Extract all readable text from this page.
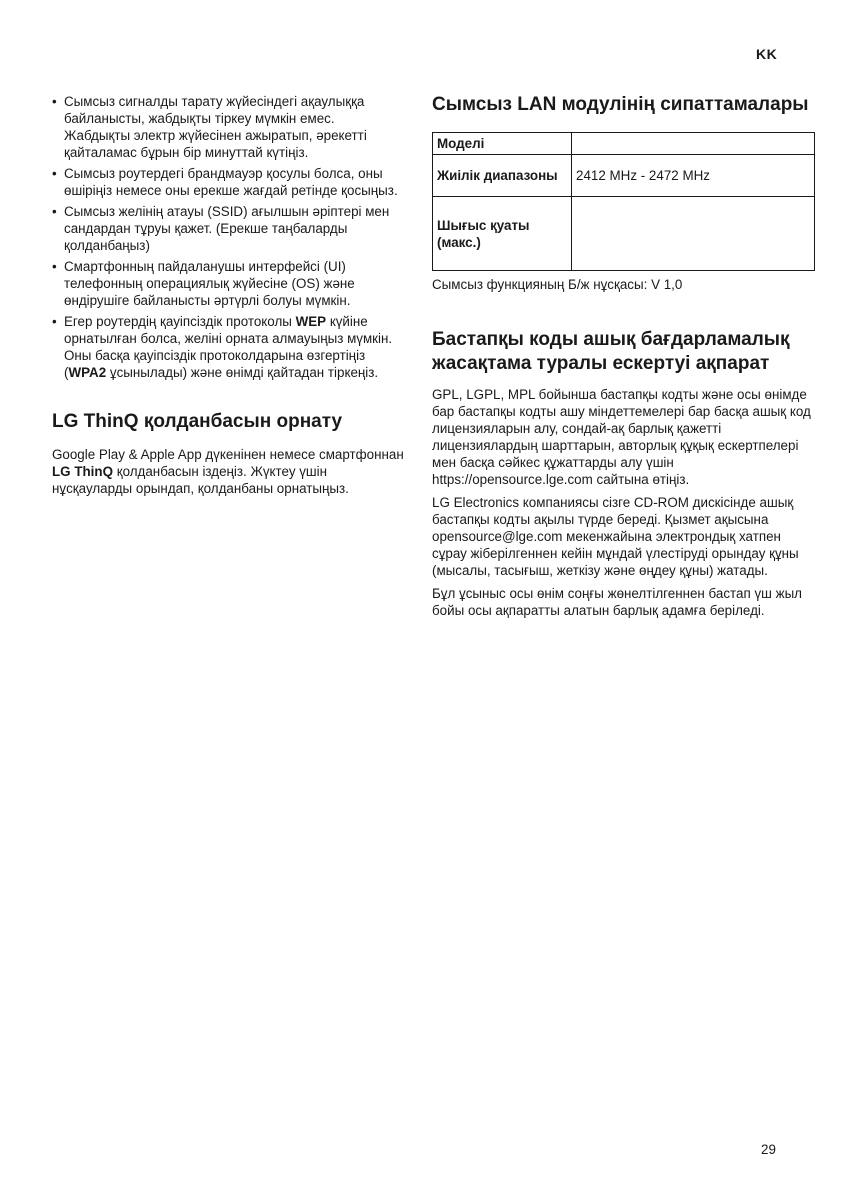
KK
• Сымсыз сигналды тарату жүйесіндегі ақаулыққа байланысты, жабдықты тіркеу мүмкін емес. Жабдықты электр жүйесінен ажыратып, әрекетті қайталамас бұрын бір минуттай күтіңіз.
• Сымсыз роутердегі брандмауэр қосулы болса, оны өшіріңіз немесе оны ерекше жағдай ретінде қосыңыз.
• Сымсыз желінің атауы (SSID) ағылшын әріптері мен сандардан тұруы қажет. (Ерекше таңбаларды қолданбаңыз)
• Смартфонның пайдаланушы интерфейсі (UI) телефонның операциялық жүйесіне (OS) және өндірушіге байланысты әртүрлі болуы мүмкін.
• Егер роутердің қауіпсіздік протоколы WEP күйіне орнатылған болса, желіні орната алмауыңыз мүмкін. Оны басқа қауіпсіздік протоколдарына өзгертіңіз (WPA2 ұсынылады) және өнімді қайтадан тіркеңіз.
LG ThinQ қолданбасын орнату

Google Play & Apple App дүкенінен немесе смартфоннан LG ThinQ қолданбасын іздеңіз. Жүктеу үшін нұсқауларды орындап, қолданбаны орнатыңыз.

Сымсыз LAN модулінің сипаттамалары
Моделі	
Жиілік диапазоны	2412 MHz - 2472 MHz
Шығыс қуаты (макс.)	

Сымсыз функцияның Б/ж нұсқасы: V 1,0

Бастапқы коды ашық бағдарламалық жасақтама туралы ескертуі ақпарат

GPL, LGPL, MPL бойынша бастапқы кодты және осы өнімде бар бастапқы кодты ашу міндеттемелері бар басқа ашық код лицензияларын алу, сондай-ақ барлық қажетті лицензиялардың шарттарын, авторлық құқық ескертпелері мен басқа сәйкес құжаттарды алу үшін https://opensource.lge.com сайтына өтіңіз.

LG Electronics компаниясы сізге CD-ROM дискісінде ашық бастапқы кодты ақылы түрде береді. Қызмет ақысына opensource@lge.com мекенжайына электрондық хатпен сұрау жіберілгеннен кейін мұндай үлестіруді орындау құны (мысалы, тасығыш, жеткізу және өңдеу құны) жатады.

Бұл ұсыныс осы өнім соңғы жөнелтілгеннен бастап үш жыл бойы осы ақпаратты алатын барлық адамға беріледі.

29
